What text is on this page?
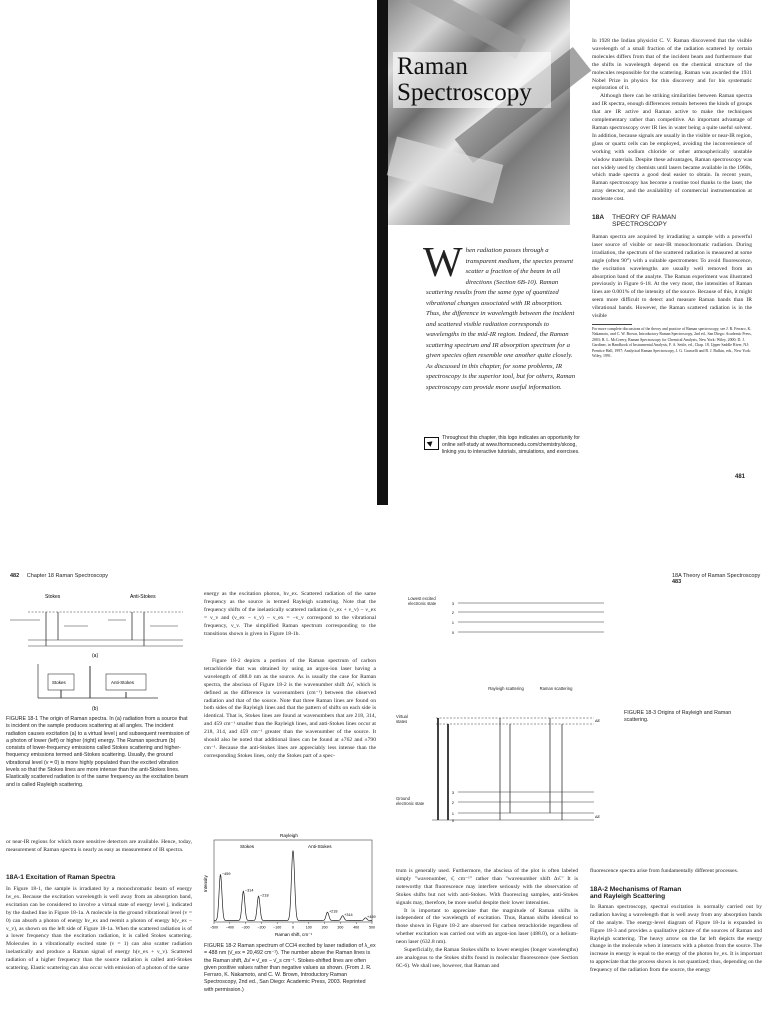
Raman
Spectroscopy
W hen radiation passes through a transparent medium, the species present scatter a fraction of the beam in all directions (Section 6B-10). Raman scattering results from the same type of quantized vibrational changes associated with IR absorption. Thus, the difference in wavelength between the incident and scattered visible radiation corresponds to wavelengths in the mid-IR region. Indeed, the Raman scattering spectrum and IR absorption spectrum for a given species often resemble one another quite closely. As discussed in this chapter, for some problems, IR spectroscopy is the superior tool, but for others, Raman spectroscopy can provide more useful information.
Throughout this chapter, this logo indicates an opportunity for online self-study at www.thomsonedu.com/chemistry/skoog, linking you to interactive tutorials, simulations, and exercises.
In 1928 the Indian physicist C. V. Raman discovered that the visible wavelength of a small fraction of the radiation scattered by certain molecules differs from that of the incident beam and furthermore that the shifts in wavelength depend on the chemical structure of the molecules responsible for the scattering. Raman was awarded the 1931 Nobel Prize in physics for this discovery and for his systematic exploration of it.
Although there can be striking similarities between Raman spectra and IR spectra, enough differences remain between the kinds of groups that are IR active and Raman active to make the techniques complementary rather than competitive. An important advantage of Raman spectroscopy over IR lies in water being a quite useful solvent. In addition, because signals are usually in the visible or near-IR region, glass or quartz cells can be employed, avoiding the inconvenience of working with sodium chloride or other atmospherically unstable window materials. Despite these advantages, Raman spectroscopy was not widely used by chemists until lasers became available in the 1960s, which made spectra a good deal easier to obtain. In recent years, Raman spectroscopy has become a routine tool thanks to the laser, the array detector, and the availability of commercial instrumentation at moderate cost.
18A THEORY OF RAMAN
SPECTROSCOPY
Raman spectra are acquired by irradiating a sample with a powerful laser source of visible or near-IR monochromatic radiation. During irradiation, the spectrum of the scattered radiation is measured at some angle (often 90°) with a suitable spectrometer. To avoid fluorescence, the excitation wavelengths are usually well removed from an absorption band of the analyte. The Raman experiment was illustrated previously in Figure 6-18. At the very most, the intensities of Raman lines are 0.001% of the intensity of the source. Because of this, it might seem more difficult to detect and measure Raman bands than IR vibrational bands. However, the Raman scattered radiation is in the visible
For more complete discussions of the theory and practice of Raman spectroscopy, see J. R. Ferraro, K. Nakamoto, and C. W. Brown, Introductory Raman Spectroscopy, 2nd ed., San Diego: Academic Press, 2003; R. L. McCreery, Raman Spectroscopy for Chemical Analysis, New York: Wiley, 2000; D. J. Gardiner, in Handbook of Instrumental Analysis, F. A. Settle, ed., Chap. 18, Upper Saddle River, NJ: Prentice Hall, 1997; Analytical Raman Spectroscopy, J. G. Grasselli and B. J. Bulkin, eds., New York: Wiley, 1991.
481
482 Chapter 18 Raman Spectroscopy
Stokes	Anti-Stokes
(a)
Stokes	Anti-Stokes
(b)
FIGURE 18-1 The origin of Raman spectra. In (a) radiation from a source that is incident on the sample produces scattering at all angles. The incident radiation causes excitation (a) to a virtual level j and subsequent reemission of a photon of lower (left) or higher (right) energy. The Raman spectrum (b) consists of lower-frequency emissions called Stokes scattering and higher-frequency emissions termed anti-Stokes scattering. Usually, the ground vibrational level (v = 0) is more highly populated than the excited vibration levels so that the Stokes lines are more intense than the anti-Stokes lines. Elastically scattered radiation is of the same frequency as the excitation beam and is called Rayleigh scattering.
or near-IR regions for which more sensitive detectors are available. Hence, today, measurement of Raman spectra is nearly as easy as measurement of IR spectra.
18A-1 Excitation of Raman Spectra
In Figure 18-1, the sample is irradiated by a monochromatic beam of energy hν_ex. Because the excitation wavelength is well away from an absorption band, excitation can be considered to involve a virtual state of energy level j, indicated by the dashed line in Figure 18-1a. A molecule in the ground vibrational level (v = 0) can absorb a photon of energy hν_ex and reemit a photon of energy h(ν_ex − ν_v), as shown on the left side of Figure 18-1a. When the scattered radiation is of a lower frequency than the excitation radiation, it is called Stokes scattering. Molecules in a vibrationally excited state (v = 1) can also scatter radiation inelastically and produce a Raman signal of energy h(ν_ex + ν_v). Scattered radiation of a higher frequency than the source radiation is called anti-Stokes scattering. Elastic scattering can also occur with emission of a photon of the same
energy as the excitation photon, hν_ex. Scattered radiation of the same frequency as the source is termed Rayleigh scattering. Note that the frequency shifts of the inelastically scattered radiation (ν_ex + ν_v) − ν_ex = ν_v and (ν_ex − ν_v) − ν_ex = −ν_v correspond to the vibrational frequency, ν_v. The simplified Raman spectrum corresponding to the transitions shown is given in Figure 18-1b.
Figure 18-2 depicts a portion of the Raman spectrum of carbon tetrachloride that was obtained by using an argon-ion laser having a wavelength of 488.0 nm as the source. As is usually the case for Raman spectra, the abscissa of Figure 18-2 is the wavenumber shift Δν̄, which is defined as the difference in wavenumbers (cm⁻¹) between the observed radiation and that of the source. Note that three Raman lines are found on both sides of the Rayleigh lines and that the pattern of shifts on each side is identical. That is, Stokes lines are found at wavenumbers that are 218, 314, and 459 cm⁻¹ smaller than the Rayleigh lines, and anti-Stokes lines occur at 218, 314, and 459 cm⁻¹ greater than the wavenumber of the source. It should also be noted that additional lines can be found at ±762 and ±790 cm⁻¹. Because the anti-Stokes lines are appreciably less intense than the corresponding Stokes lines, only the Stokes part of a spec-
Intensity
Rayleigh
Stokes	Anti-Stokes
Raman shift, cm⁻¹
−459
−314
−218
+218
+314
+459
−500 −400 −300 −200 −100	0	100	200	300	400	500
FIGURE 18-2 Raman spectrum of CCl4 excited by laser radiation of λ_ex = 488 nm (ν̄_ex = 20,492 cm⁻¹). The number above the Raman lines is the Raman shift, Δν̄ = ν̄_ex − ν̄_s cm⁻¹. Stokes-shifted lines are often given positive values rather than negative values as shown. (From J. R. Ferraro, K. Nakamoto, and C. W. Brown, Introductory Raman Spectroscopy, 2nd ed., San Diego: Academic Press, 2003. Reprinted with permission.)
18A Theory of Raman Spectroscopy 483
3
2
1
0
Lowest excited electronic state
Rayleigh scattering	Raman scattering
ΔE
Virtual states
3
2
1
0
ΔE
Ground electronic state
FIGURE 18-3 Origins of Rayleigh and Raman scattering.
trum is generally used. Furthermore, the abscissa of the plot is often labeled simply "wavenumber, ν̄, cm⁻¹" rather than "wavenumber shift Δν̄." It is noteworthy that fluorescence may interfere seriously with the observation of Stokes shifts but not with anti-Stokes. With fluorescing samples, anti-Stokes signals may, therefore, be more useful despite their lower intensities.
It is important to appreciate that the magnitude of Raman shifts is independent of the wavelength of excitation. Thus, Raman shifts identical to those shown in Figure 18-2 are observed for carbon tetrachloride regardless of whether excitation was carried out with an argon-ion laser (488.0), or a helium-neon laser (632.8 nm).
Superficially, the Raman Stokes shifts to lower energies (longer wavelengths) are analogous to the Stokes shifts found in molecular fluorescence (see Section 6C-6). We shall see, however, that Raman and
fluorescence spectra arise from fundamentally different processes.
18A-2 Mechanisms of Raman
and Rayleigh Scattering
In Raman spectroscopy, spectral excitation is normally carried out by radiation having a wavelength that is well away from any absorption bands of the analyte. The energy-level diagram of Figure 18-1a is expanded in Figure 18-3 and provides a qualitative picture of the sources of Raman and Rayleigh scattering. The heavy arrow on the far left depicts the energy change in the molecule when it interacts with a photon from the source. The increase in energy is equal to the energy of the photon hν_ex. It is important to appreciate that the process shown is not quantized; thus, depending on the frequency of the radiation from the source, the energy
